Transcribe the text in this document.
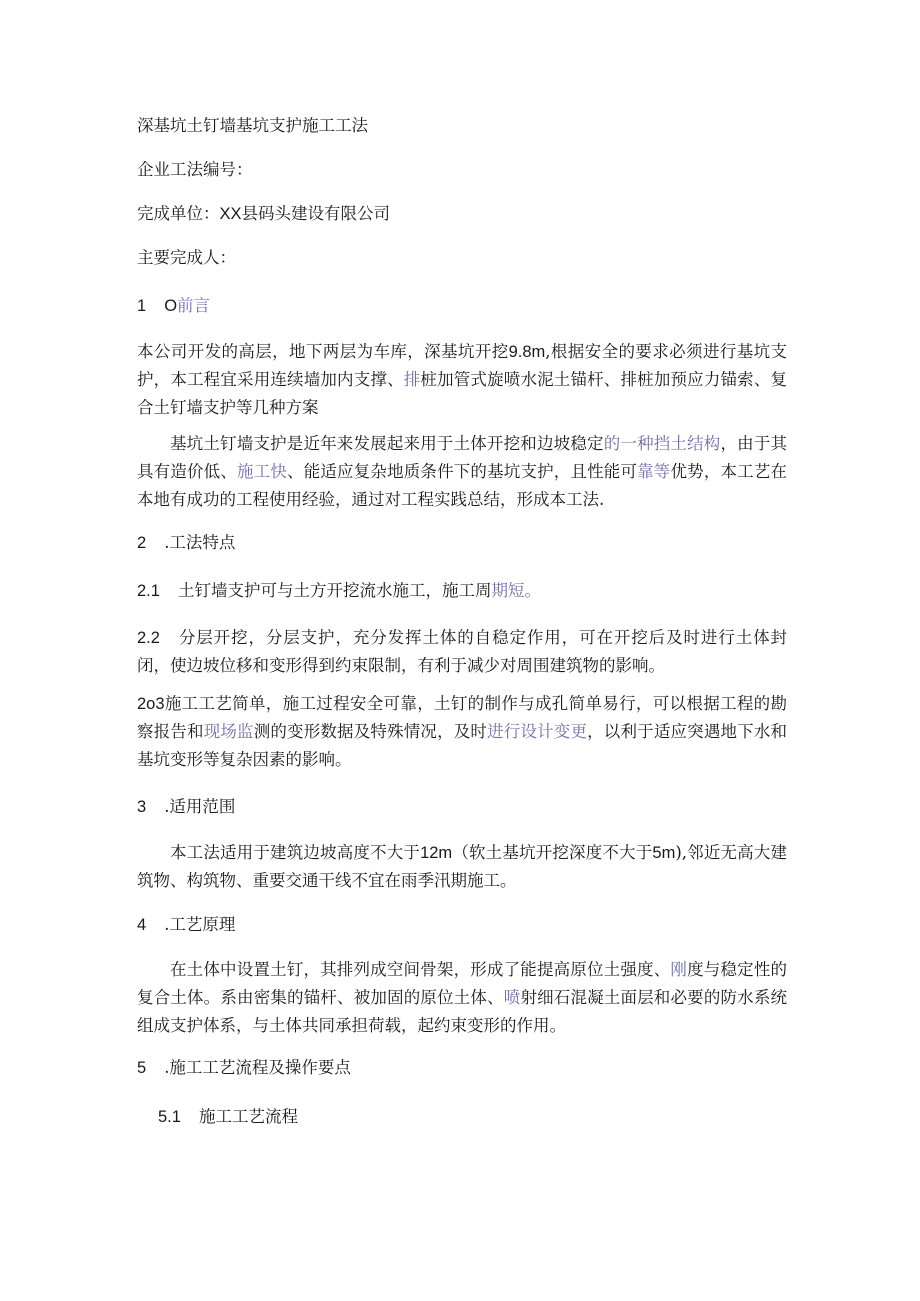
深基坑土钉墙基坑支护施工工法
企业工法编号：
完成单位：XX县码头建设有限公司
主要完成人：
1 O前言
本公司开发的高层，地下两层为车库，深基坑开挖9.8m,根据安全的要求必须进行基坑支护，本工程宜采用连续墙加内支撑、排桩加管式旋喷水泥土锚杆、排桩加预应力锚索、复合土钉墙支护等几种方案
基坑土钉墙支护是近年来发展起来用于土体开挖和边坡稳定的一种挡土结构，由于其具有造价低、施工快、能适应复杂地质条件下的基坑支护，且性能可靠等优势，本工艺在本地有成功的工程使用经验，通过对工程实践总结，形成本工法.
2 .工法特点
2.1 土钉墙支护可与土方开挖流水施工，施工周期短。
2.2 分层开挖，分层支护，充分发挥土体的自稳定作用，可在开挖后及时进行土体封闭，使边坡位移和变形得到约束限制，有利于减少对周围建筑物的影响。
2o3施工工艺简单，施工过程安全可靠，土钉的制作与成孔简单易行，可以根据工程的勘察报告和现场监测的变形数据及特殊情况，及时进行设计变更，以利于适应突遇地下水和基坑变形等复杂因素的影响。
3 .适用范围
本工法适用于建筑边坡高度不大于12m（软土基坑开挖深度不大于5m),邻近无高大建筑物、构筑物、重要交通干线不宜在雨季汛期施工。
4 .工艺原理
在土体中设置土钉，其排列成空间骨架，形成了能提高原位土强度、刚度与稳定性的复合土体。系由密集的锚杆、被加固的原位土体、喷射细石混凝土面层和必要的防水系统组成支护体系，与土体共同承担荷载，起约束变形的作用。
5 .施工工艺流程及操作要点
5.1 施工工艺流程
